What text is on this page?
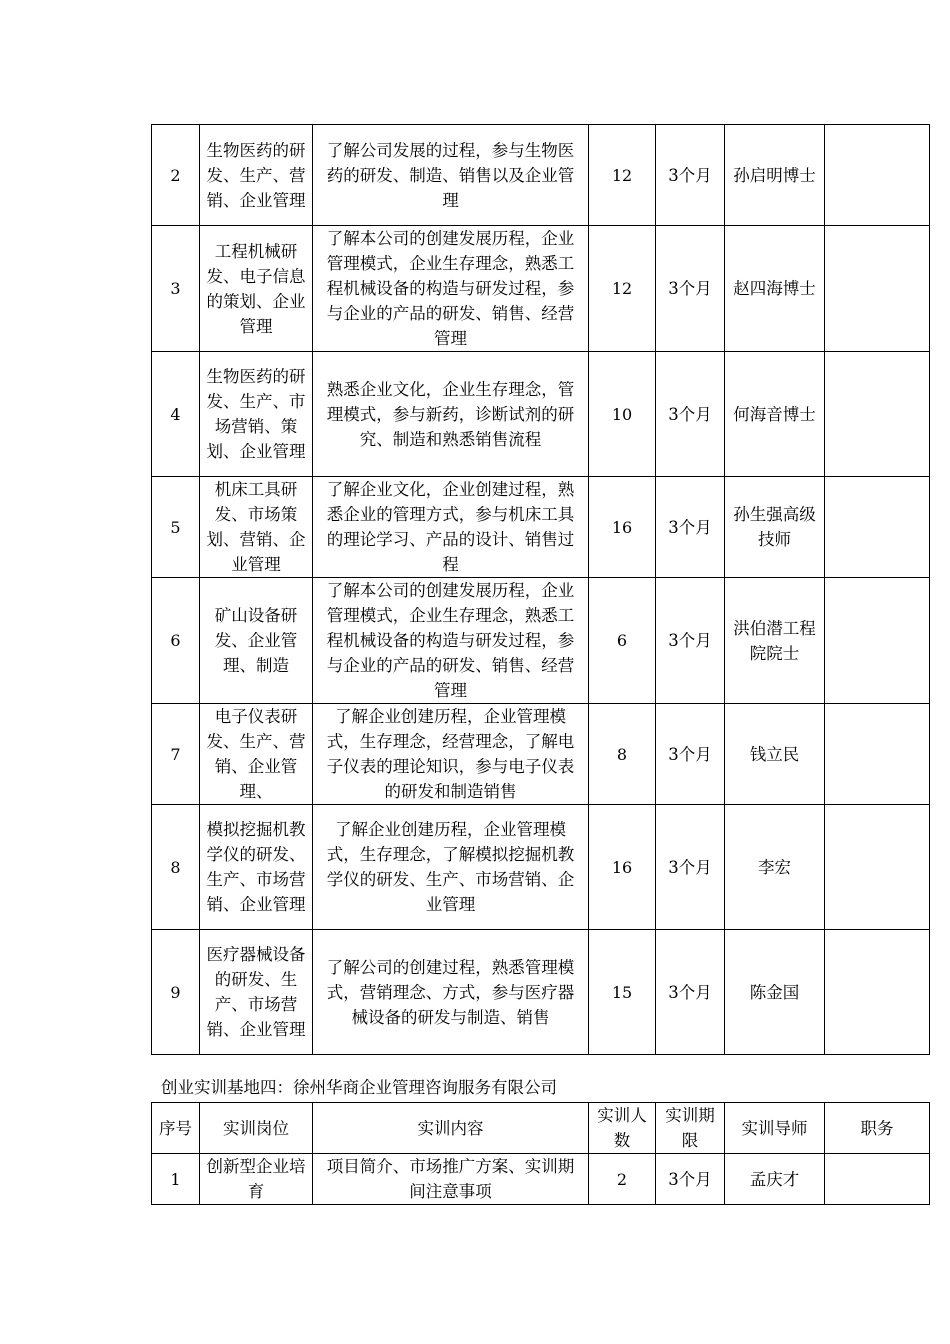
2	生物医药的研发、生产、营销、企业管理	了解公司发展的过程，参与生物医药的研发、制造、销售以及企业管理	12	3个月	孙启明博士	
3	工程机械研发、电子信息的策划、企业管理	了解本公司的创建发展历程，企业管理模式，企业生存理念，熟悉工程机械设备的构造与研发过程，参与企业的产品的研发、销售、经营管理	12	3个月	赵四海博士	
4	生物医药的研发、生产、市场营销、策划、企业管理	熟悉企业文化，企业生存理念，管理模式，参与新药，诊断试剂的研究、制造和熟悉销售流程	10	3个月	何海音博士	
5	机床工具研发、市场策划、营销、企业管理	了解企业文化，企业创建过程，熟悉企业的管理方式，参与机床工具的理论学习、产品的设计、销售过程	16	3个月	孙生强高级技师	
6	矿山设备研发、企业管理、制造	了解本公司的创建发展历程，企业管理模式，企业生存理念，熟悉工程机械设备的构造与研发过程，参与企业的产品的研发、销售、经营管理	6	3个月	洪伯潜工程院院士	
7	电子仪表研发、生产、营销、企业管理、	了解企业创建历程，企业管理模式，生存理念，经营理念，了解电子仪表的理论知识，参与电子仪表的研发和制造销售	8	3个月	钱立民	
8	模拟挖掘机教学仪的研发、生产、市场营销、企业管理	了解企业创建历程，企业管理模式，生存理念，了解模拟挖掘机教学仪的研发、生产、市场营销、企业管理	16	3个月	李宏	
9	医疗器械设备的研发、生产、市场营销、企业管理	了解公司的创建过程，熟悉管理模式，营销理念、方式，参与医疗器械设备的研发与制造、销售	15	3个月	陈金国	
创业实训基地四：徐州华商企业管理咨询服务有限公司
序号	实训岗位	实训内容	实训人数	实训期限	实训导师	职务
1	创新型企业培育	项目简介、市场推广方案、实训期间注意事项	2	3个月	孟庆才	
